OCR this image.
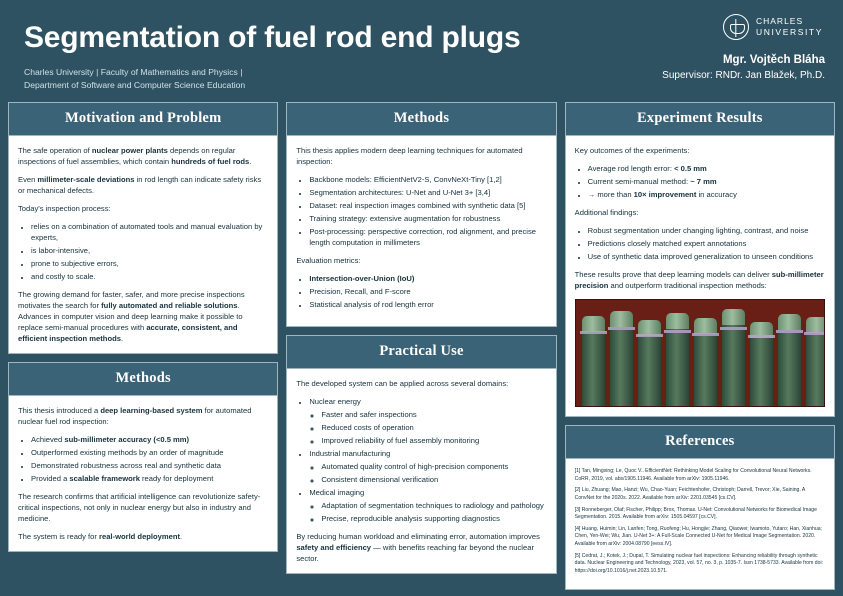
Segmentation of fuel rod end plugs
Charles University | Faculty of Mathematics and Physics |
Department of Software and Computer Science Education
Mgr. Vojtěch Bláha
Supervisor: RNDr. Jan Blažek, Ph.D.
CHARLES
UNIVERSITY
Motivation and Problem

The safe operation of nuclear power plants depends on regular inspections of fuel assemblies, which contain hundreds of fuel rods.

Even millimeter-scale deviations in rod length can indicate safety risks or mechanical defects.

Today's inspection process:

• relies on a combination of automated tools and manual evaluation by experts,
• is labor-intensive,
• prone to subjective errors,
• and costly to scale.

The growing demand for faster, safer, and more precise inspections motivates the search for fully automated and reliable solutions. Advances in computer vision and deep learning make it possible to replace semi-manual procedures with accurate, consistent, and efficient inspection methods.

Methods

This thesis introduced a deep learning-based system for automated nuclear fuel rod inspection:

• Achieved sub-millimeter accuracy (<0.5 mm)
• Outperformed existing methods by an order of magnitude
• Demonstrated robustness across real and synthetic data
• Provided a scalable framework ready for deployment

The research confirms that artificial intelligence can revolutionize safety-critical inspections, not only in nuclear energy but also in industry and medicine.

The system is ready for real-world deployment.

Methods

This thesis applies modern deep learning techniques for automated inspection:

• Backbone models: EfficientNetV2-S, ConvNeXt-Tiny [1,2]
• Segmentation architectures: U-Net and U-Net 3+ [3,4]
• Dataset: real inspection images combined with synthetic data [5]
• Training strategy: extensive augmentation for robustness
• Post-processing: perspective correction, rod alignment, and precise length computation in millimeters

Evaluation metrics:

• Intersection-over-Union (IoU)
• Precision, Recall, and F-score
• Statistical analysis of rod length error
Practical Use

The developed system can be applied across several domains:

• Nuclear energy
◦ Faster and safer inspections
◦ Reduced costs of operation
◦ Improved reliability of fuel assembly monitoring
• Industrial manufacturing
◦ Automated quality control of high-precision components
◦ Consistent dimensional verification
• Medical imaging
◦ Adaptation of segmentation techniques to radiology and pathology
◦ Precise, reproducible analysis supporting diagnostics

By reducing human workload and eliminating error, automation improves safety and efficiency — with benefits reaching far beyond the nuclear sector.

Experiment Results

Key outcomes of the experiments:

• Average rod length error: < 0.5 mm
• Current semi-manual method: ~ 7 mm
• → more than 10× improvement in accuracy

Additional findings:

• Robust segmentation under changing lighting, contrast, and noise
• Predictions closely matched expert annotations
• Use of synthetic data improved generalization to unseen conditions

These results prove that deep learning models can deliver sub-millimeter precision and outperform traditional inspection methods:

References

[1] Tan, Mingxing; Le, Quoc V.. EfficientNet: Rethinking Model Scaling for Convolutional Neural Networks. CoRR, 2019, vol. abs/1905.11946. Available from arXiv: 1905.11946.

[2] Liu, Zhuang; Mao, Hanzi; Wu, Chao-Yuan; Feichtenhofer, Christoph; Darrell, Trevor; Xie, Saining. A ConvNet for the 2020s. 2022. Available from arXiv: 2201.03545 [cs.CV].

[3] Ronneberger, Olaf; Fischer, Philipp; Brox, Thomas. U-Net: Convolutional Networks for Biomedical Image Segmentation. 2015. Available from arXiv: 1505.04597 [cs.CV].

[4] Huang, Huimin; Lin, Lanfen; Tong, Ruofeng; Hu, Hongjie; Zhang, Qiaowei; Iwamoto, Yutaro; Han, Xianhua; Chen, Yen-Wei; Wu, Jian. U-Net 3+: A Full-Scale Connected U-Net for Medical Image Segmentation. 2020. Available from arXiv: 2004.08790 [eess.IV].

[5] Cedrat, J.; Kotek, J.; Dupal, T. Simulating nuclear fuel inspections: Enhancing reliability through synthetic data. Nuclear Engineering and Technology, 2023, vol. 57, no. 3, p. 1035-7. Issn 1738-5733. Available from doi: https://doi.org/10.1016/j.net.2023.10.571.
